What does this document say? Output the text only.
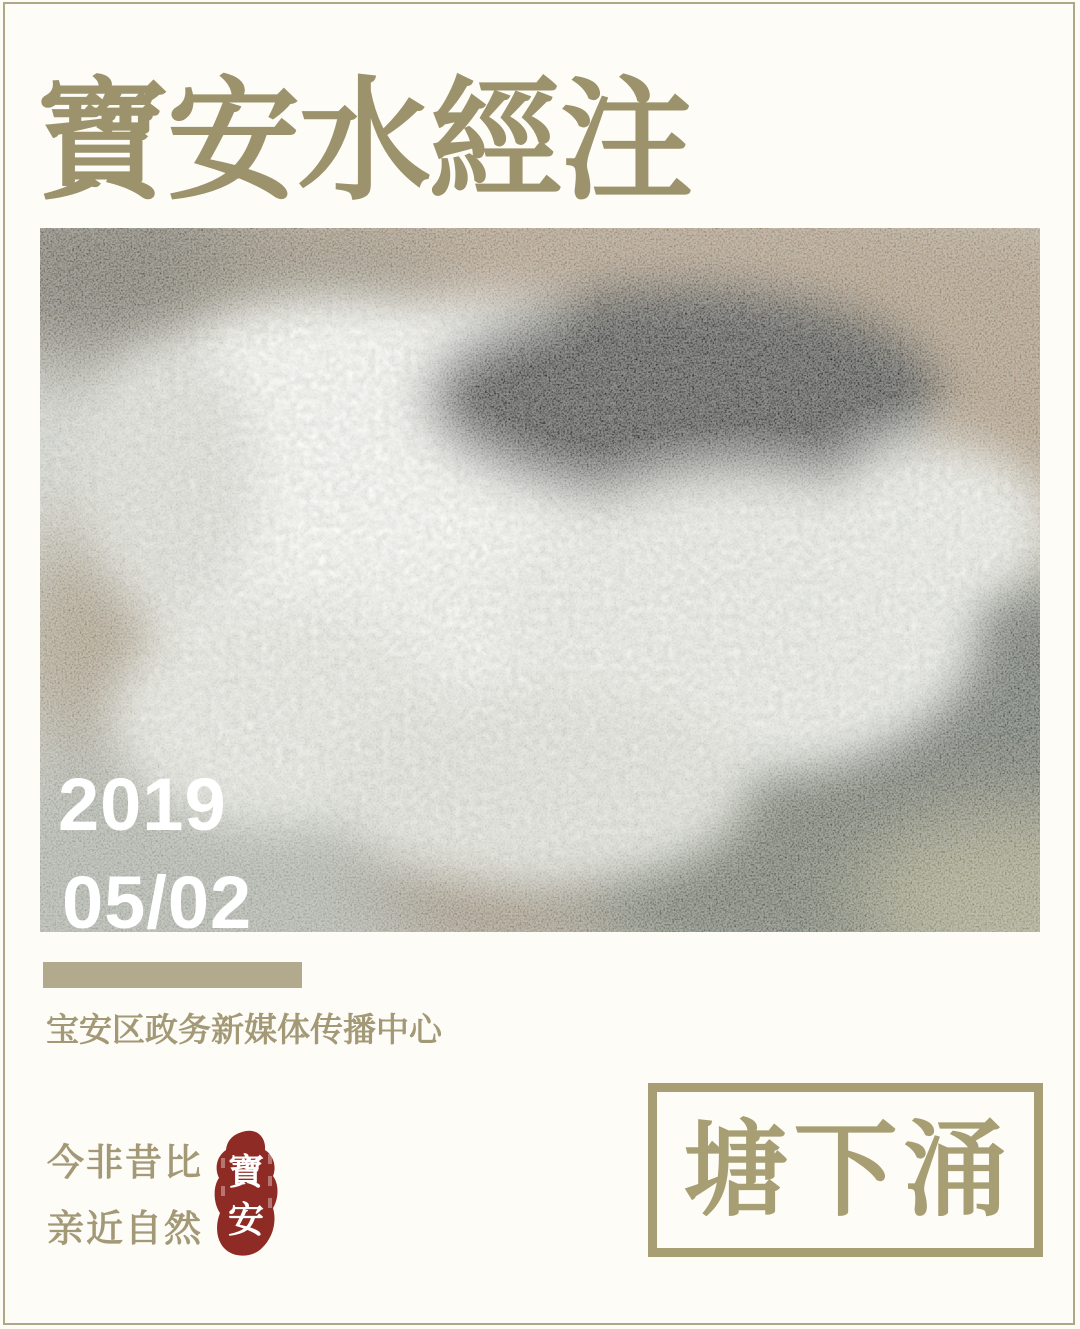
寶安水經注
2019
05/02
宝安区政务新媒体传播中心
今非昔比
亲近自然
寶
安	塘下涌
